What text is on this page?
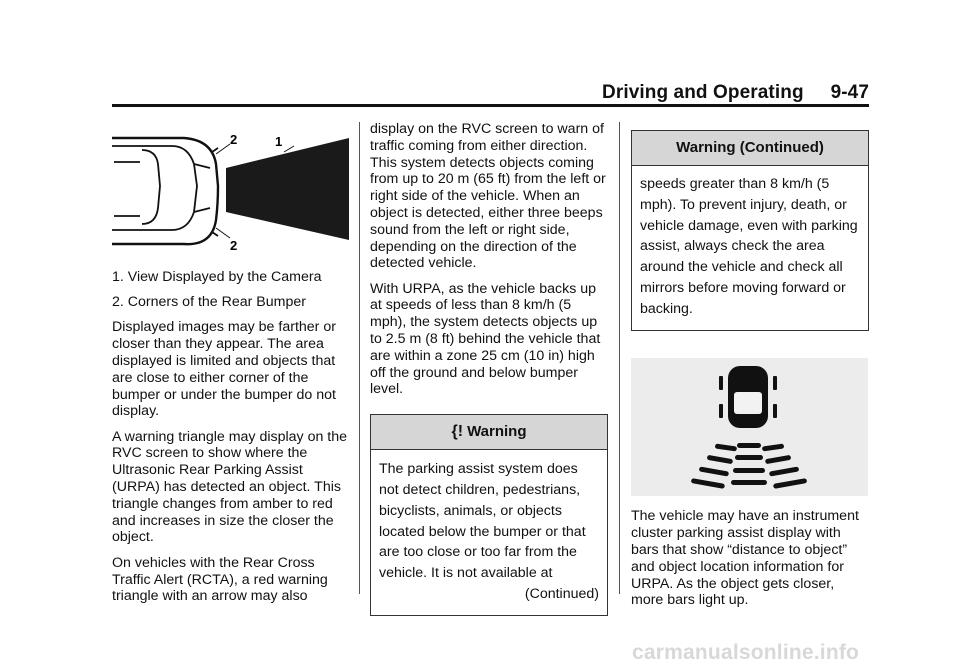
Driving and Operating 9-47
2	1
2

1. View Displayed by the Camera

2. Corners of the Rear Bumper

Displayed images may be farther or closer than they appear. The area displayed is limited and objects that are close to either corner of the bumper or under the bumper do not display.

A warning triangle may display on the RVC screen to show where the Ultrasonic Rear Parking Assist (URPA) has detected an object. This triangle changes from amber to red and increases in size the closer the object.

On vehicles with the Rear Cross Traffic Alert (RCTA), a red warning triangle with an arrow may also

display on the RVC screen to warn of traffic coming from either direction. This system detects objects coming from up to 20 m (65 ft) from the left or right side of the vehicle. When an object is detected, either three beeps sound from the left or right side, depending on the direction of the detected vehicle.

With URPA, as the vehicle backs up at speeds of less than 8 km/h (5 mph), the system detects objects up to 2.5 m (8 ft) behind the vehicle that are within a zone 25 cm (10 in) high off the ground and below bumper level.

{! Warning
The parking assist system does not detect children, pedestrians, bicyclists, animals, or objects located below the bumper or that are too close or too far from the vehicle. It is not available at
(Continued)
Warning (Continued)
speeds greater than 8 km/h (5 mph). To prevent injury, death, or vehicle damage, even with parking assist, always check the area around the vehicle and check all mirrors before moving forward or backing.

The vehicle may have an instrument cluster parking assist display with bars that show “distance to object” and object location information for URPA. As the object gets closer, more bars light up.

carmanualsonline.info
